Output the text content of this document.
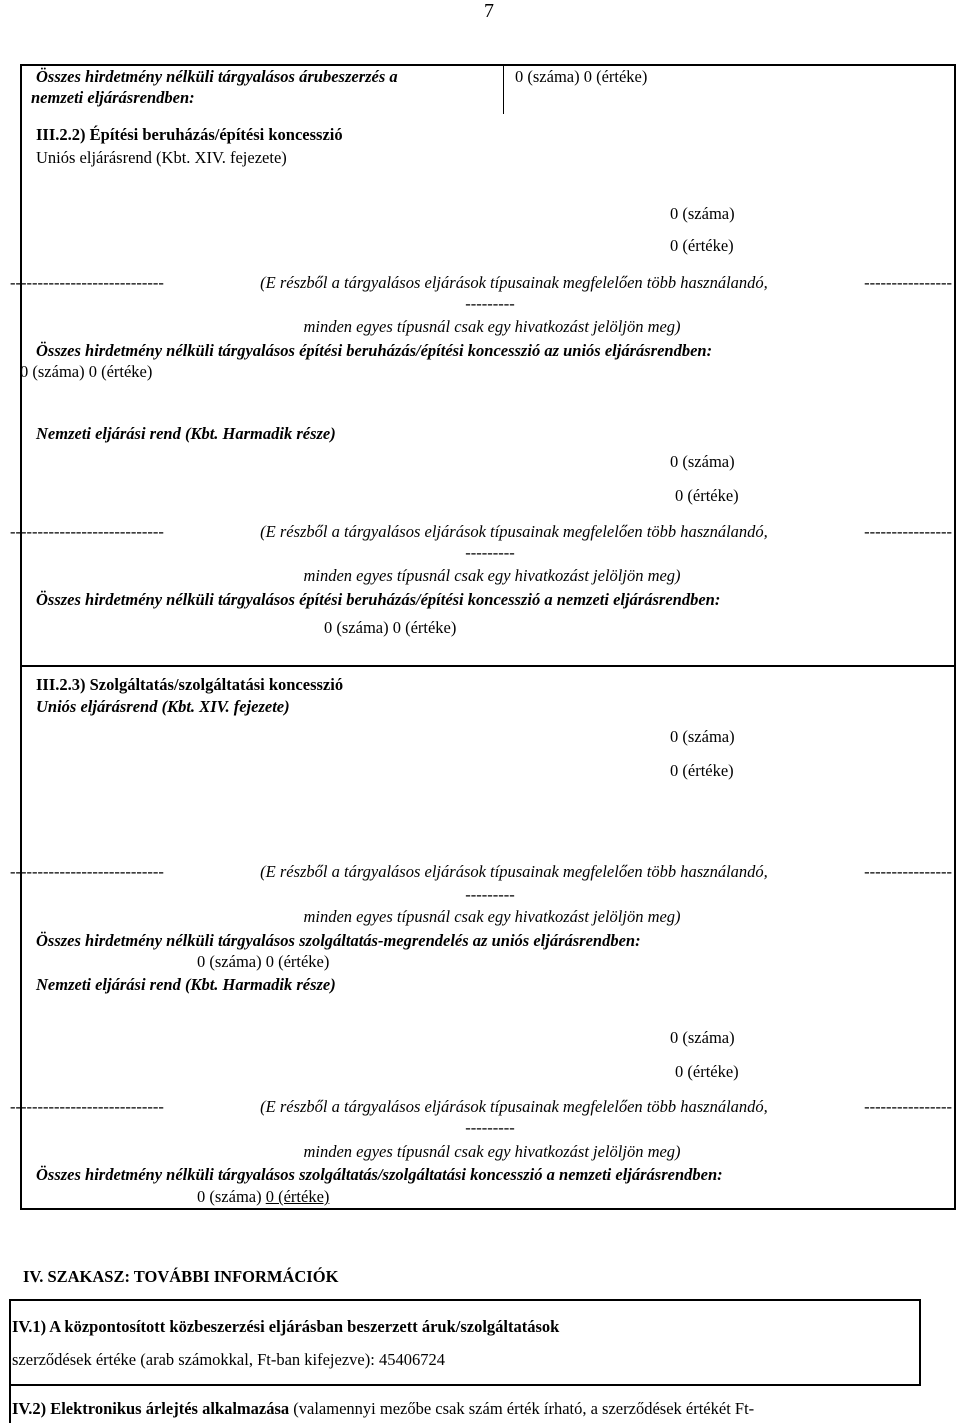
7
Összes hirdetmény nélküli tárgyalásos árubeszerzés a
nemzeti eljárásrendben:
0 (száma) 0 (értéke)
III.2.2) Építési beruházás/építési koncesszió
Uniós eljárásrend (Kbt. XIV. fejezete)
0 (száma)
0 (értéke)
----------------------------	(E részből a tárgyalásos eljárások típusainak megfelelően több használandó,	----------------
---------
minden egyes típusnál csak egy hivatkozást jelöljön meg)
Összes hirdetmény nélküli tárgyalásos építési beruházás/építési koncesszió az uniós eljárásrendben:
0 (száma) 0 (értéke)
Nemzeti eljárási rend (Kbt. Harmadik része)
0 (száma)
0 (értéke)
----------------------------	(E részből a tárgyalásos eljárások típusainak megfelelően több használandó,	----------------
---------
minden egyes típusnál csak egy hivatkozást jelöljön meg)
Összes hirdetmény nélküli tárgyalásos építési beruházás/építési koncesszió a nemzeti eljárásrendben:
0 (száma) 0 (értéke)
III.2.3) Szolgáltatás/szolgáltatási koncesszió
Uniós eljárásrend (Kbt. XIV. fejezete)
0 (száma)
0 (értéke)
----------------------------	(E részből a tárgyalásos eljárások típusainak megfelelően több használandó,	----------------
---------
minden egyes típusnál csak egy hivatkozást jelöljön meg)
Összes hirdetmény nélküli tárgyalásos szolgáltatás-megrendelés az uniós eljárásrendben:
0 (száma) 0 (értéke)
Nemzeti eljárási rend (Kbt. Harmadik része)
0 (száma)
0 (értéke)
----------------------------	(E részből a tárgyalásos eljárások típusainak megfelelően több használandó,	----------------
---------
minden egyes típusnál csak egy hivatkozást jelöljön meg)
Összes hirdetmény nélküli tárgyalásos szolgáltatás/szolgáltatási koncesszió a nemzeti eljárásrendben:
0 (száma) 0 (értéke)
IV. SZAKASZ: TOVÁBBI INFORMÁCIÓK
IV.1) A központosított közbeszerzési eljárásban beszerzett áruk/szolgáltatások
szerződések értéke (arab számokkal, Ft-ban kifejezve): 45406724
IV.2) Elektronikus árlejtés alkalmazása (valamennyi mezőbe csak szám érték írható, a szerződések értékét Ft-
